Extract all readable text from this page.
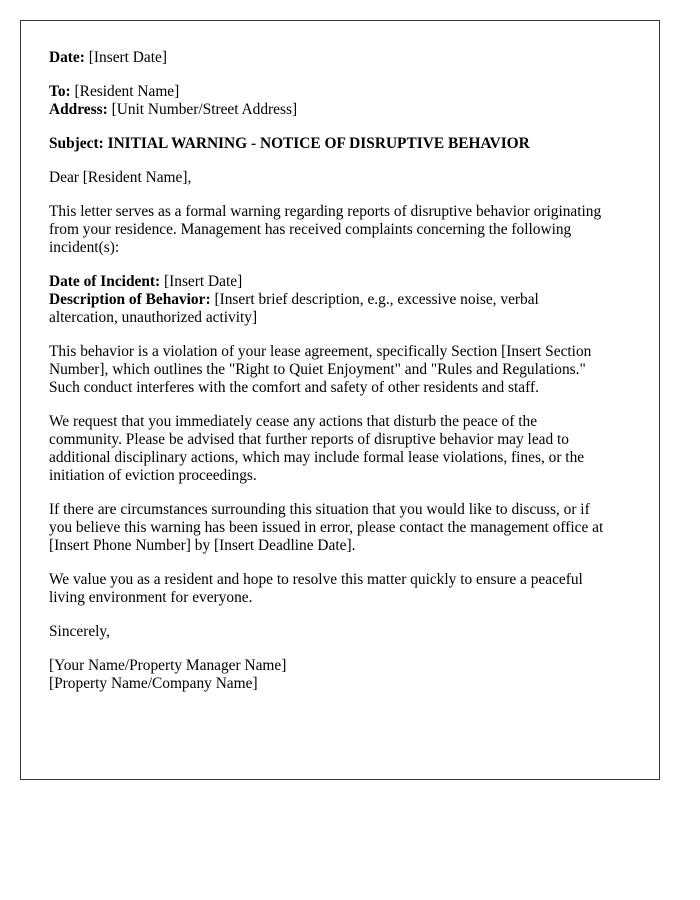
Date: [Insert Date]

To: [Resident Name]
Address: [Unit Number/Street Address]

Subject: INITIAL WARNING - NOTICE OF DISRUPTIVE BEHAVIOR

Dear [Resident Name],

This letter serves as a formal warning regarding reports of disruptive behavior originating
from your residence. Management has received complaints concerning the following
incident(s):

Date of Incident: [Insert Date]
Description of Behavior: [Insert brief description, e.g., excessive noise, verbal
altercation, unauthorized activity]

This behavior is a violation of your lease agreement, specifically Section [Insert Section
Number], which outlines the "Right to Quiet Enjoyment" and "Rules and Regulations."
Such conduct interferes with the comfort and safety of other residents and staff.

We request that you immediately cease any actions that disturb the peace of the
community. Please be advised that further reports of disruptive behavior may lead to
additional disciplinary actions, which may include formal lease violations, fines, or the
initiation of eviction proceedings.

If there are circumstances surrounding this situation that you would like to discuss, or if
you believe this warning has been issued in error, please contact the management office at
[Insert Phone Number] by [Insert Deadline Date].

We value you as a resident and hope to resolve this matter quickly to ensure a peaceful
living environment for everyone.

Sincerely,

[Your Name/Property Manager Name]
[Property Name/Company Name]
